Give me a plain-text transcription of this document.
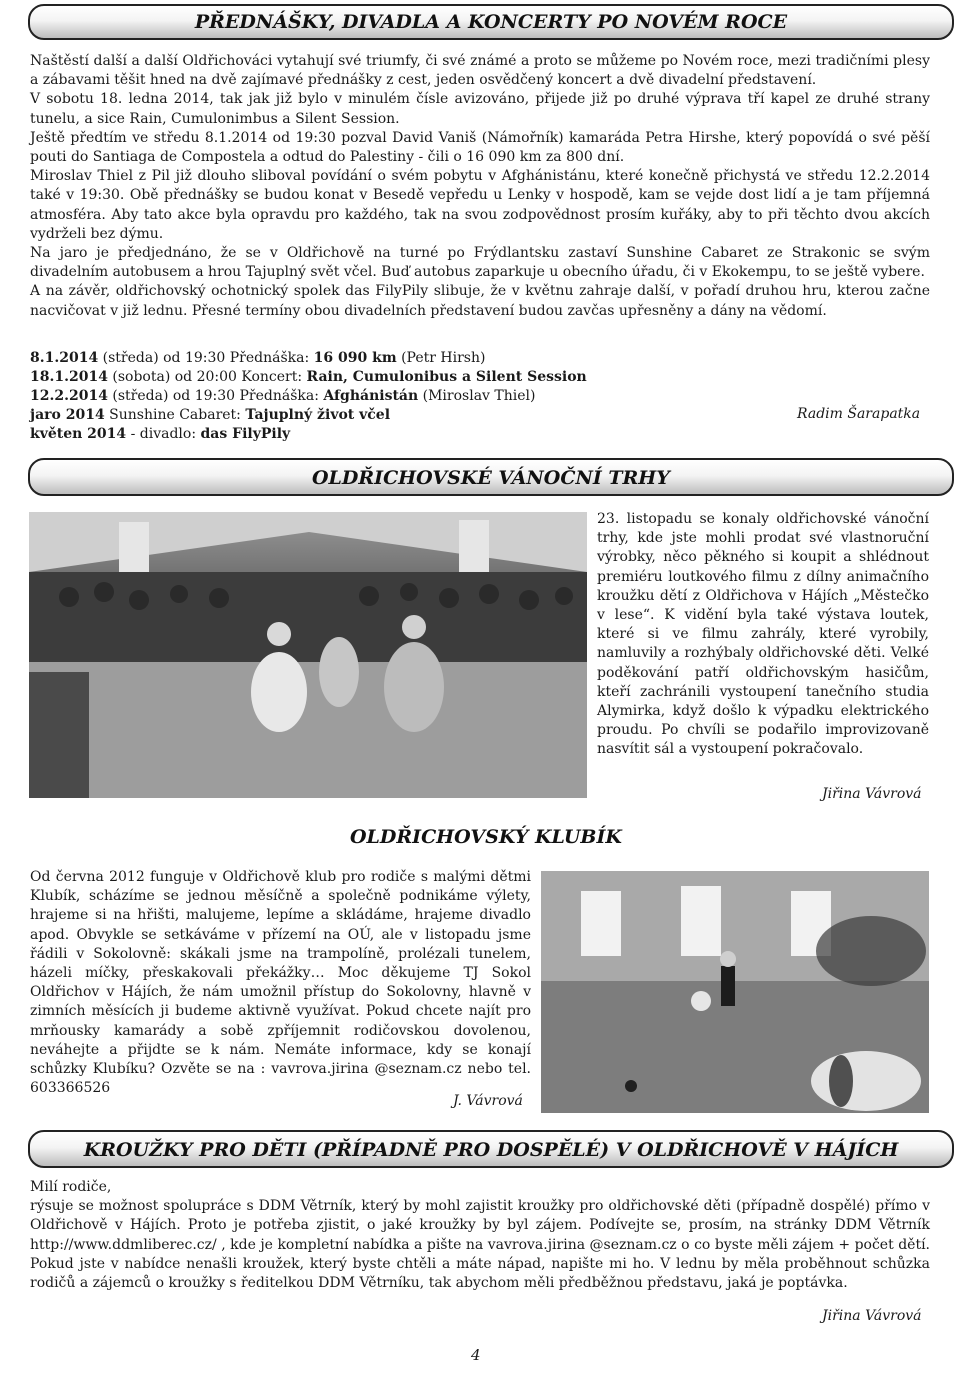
PŘEDNÁŠKY, DIVADLA A KONCERTY PO NOVÉM ROCE

Naštěstí další a další Oldřichováci vytahují své triumfy, či své známé a proto se můžeme po Novém roce, mezi tradičními plesy a zábavami těšit hned na dvě zajímavé přednášky z cest, jeden osvědčený koncert a dvě divadelní představení.

V sobotu 18. ledna 2014, tak jak již bylo v minulém čísle avizováno, přijede již po druhé výprava tří kapel ze druhé strany tunelu, a sice Rain, Cumulonimbus a Silent Session.

Ještě předtím ve středu 8.1.2014 od 19:30 pozval David Vaniš (Námořník) kamaráda Petra Hirshe, který popovídá o své pěší pouti do Santiaga de Compostela a odtud do Palestiny - čili o 16 090 km za 800 dní.

Miroslav Thiel z Pil již dlouho sliboval povídání o svém pobytu v Afghánistánu, které konečně přichystá ve středu 12.2.2014 také v 19:30. Obě přednášky se budou konat v Besedě vepředu u Lenky v hospodě, kam se vejde dost lidí a je tam příjemná atmosféra. Aby tato akce byla opravdu pro každého, tak na svou zodpovědnost prosím kuřáky, aby to při těchto dvou akcích vydrželi bez dýmu.

Na jaro je předjednáno, že se v Oldřichově na turné po Frýdlantsku zastaví Sunshine Cabaret ze Strakonic se svým divadelním autobusem a hrou Tajuplný svět včel. Buď autobus zaparkuje u obecního úřadu, či v Ekokempu, to se ještě vybere.

A na závěr, oldřichovský ochotnický spolek das FilyPily slibuje, že v květnu zahraje další, v pořadí druhou hru, kterou začne nacvičovat v již lednu. Přesné termíny obou divadelních představení budou zavčas upřesněny a dány na vědomí.

8.1.2014 (středa) od 19:30 Přednáška: 16 090 km (Petr Hirsh)
18.1.2014 (sobota) od 20:00 Koncert: Rain, Cumulonibus a Silent Session
12.2.2014 (středa) od 19:30 Přednáška: Afghánistán (Miroslav Thiel)
jaro 2014 Sunshine Cabaret: Tajuplný život včel
květen 2014 - divadlo: das FilyPily
Radim Šarapatka
OLDŘICHOVSKÉ VÁNOČNÍ TRHY

23. listopadu se konaly oldřichovské vánoční trhy, kde jste mohli prodat své vlastnoruční výrobky, něco pěkného si koupit a shlédnout premiéru loutkového filmu z dílny animačního kroužku dětí z Oldřichova v Hájích „Městečko v lese“. K vidění byla také výstava loutek, které si ve filmu zahrály, které vyrobily, namluvily a rozhýbaly oldřichovské děti. Velké poděkování patří oldřichovským hasičům, kteří zachránili vystoupení tanečního studia Alymirka, když došlo k výpadku elektrického proudu. Po chvíli se podařilo improvizovaně nasvítit sál a vystoupení pokračovalo.

Jiřina Vávrová
OLDŘICHOVSKÝ KLUBÍK

Od června 2012 funguje v Oldřichově klub pro rodiče s malými dětmi Klubík, scházíme se jednou měsíčně a společně podnikáme výlety, hrajeme si na hřišti, malujeme, lepíme a skládáme, hrajeme divadlo apod. Obvykle se setkáváme v přízemí na OÚ, ale v listopadu jsme řádili v Sokolovně: skákali jsme na trampolíně, prolézali tunelem, házeli míčky, přeskakovali překážky… Moc děkujeme TJ Sokol Oldřichov v Hájích, že nám umožnil přístup do Sokolovny, hlavně v zimních měsících ji budeme aktivně využívat. Pokud chcete najít pro mrňousky kamarády a sobě zpříjemnit rodičovskou dovolenou, neváhejte a přijdte se k nám. Nemáte informace, kdy se konají schůzky Klubíku? Ozvěte se na : vavrova.jirina @seznam.cz nebo tel. 603366526

J. Vávrová
KROUŽKY PRO DĚTI (PŘÍPADNĚ PRO DOSPĚLÉ) V OLDŘICHOVĚ V HÁJÍCH

Milí rodiče,

rýsuje se možnost spolupráce s DDM Větrník, který by mohl zajistit kroužky pro oldřichovské děti (případně dospělé) přímo v Oldřichově v Hájích. Proto je potřeba zjistit, o jaké kroužky by byl zájem. Podívejte se, prosím, na stránky DDM Větrník http://www.ddmliberec.cz/ , kde je kompletní nabídka a pište na vavrova.jirina @seznam.cz o co byste měli zájem + počet dětí. Pokud jste v nabídce nenašli kroužek, který byste chtěli a máte nápad, napište mi ho. V lednu by měla proběhnout schůzka rodičů a zájemců o kroužky s ředitelkou DDM Větrníku, tak abychom měli předběžnou představu, jaká je poptávka.

Jiřina Vávrová
4
